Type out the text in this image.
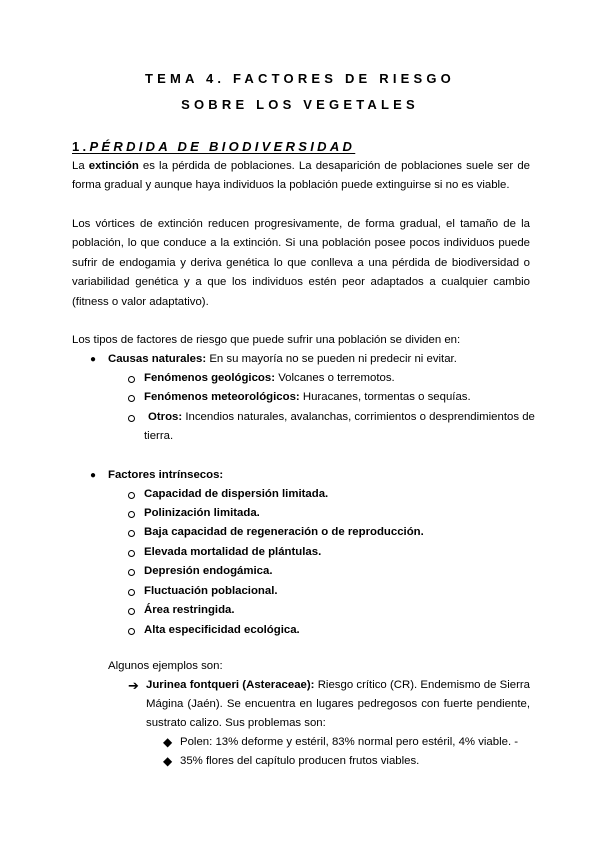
TEMA 4. FACTORES DE RIESGO
SOBRE LOS VEGETALES
1.PÉRDIDA DE BIODIVERSIDAD
La extinción es la pérdida de poblaciones. La desaparición de poblaciones suele ser de
forma gradual y aunque haya individuos la población puede extinguirse si no es viable.
Los vórtices de extinción reducen progresivamente, de forma gradual, el tamaño de la
población, lo que conduce a la extinción. Si una población posee pocos individuos puede
sufrir de endogamia y deriva genética lo que conlleva a una pérdida de biodiversidad o
variabilidad genética y a que los individuos estén peor adaptados a cualquier cambio
(fitness o valor adaptativo).
Los tipos de factores de riesgo que puede sufrir una población se dividen en:
● Causas naturales: En su mayoría no se pueden ni predecir ni evitar.
Fenómenos geológicos: Volcanes o terremotos.
Fenómenos meteorológicos: Huracanes, tormentas o sequías.
Otros: Incendios naturales, avalanchas, corrimientos o desprendimientos de
tierra.
● Factores intrínsecos:
Capacidad de dispersión limitada.
Polinización limitada.
Baja capacidad de regeneración o de reproducción.
Elevada mortalidad de plántulas.
Depresión endogámica.
Fluctuación poblacional.
Área restringida.
Alta especificidad ecológica.
Algunos ejemplos son:
➔ Jurinea fontqueri (Asteraceae): Riesgo crítico (CR). Endemismo de Sierra
Mágina (Jaén). Se encuentra en lugares pedregosos con fuerte pendiente,
sustrato calizo. Sus problemas son:
◆ Polen: 13% deforme y estéril, 83% normal pero estéril, 4% viable. -
◆ 35% flores del capítulo producen frutos viables.
